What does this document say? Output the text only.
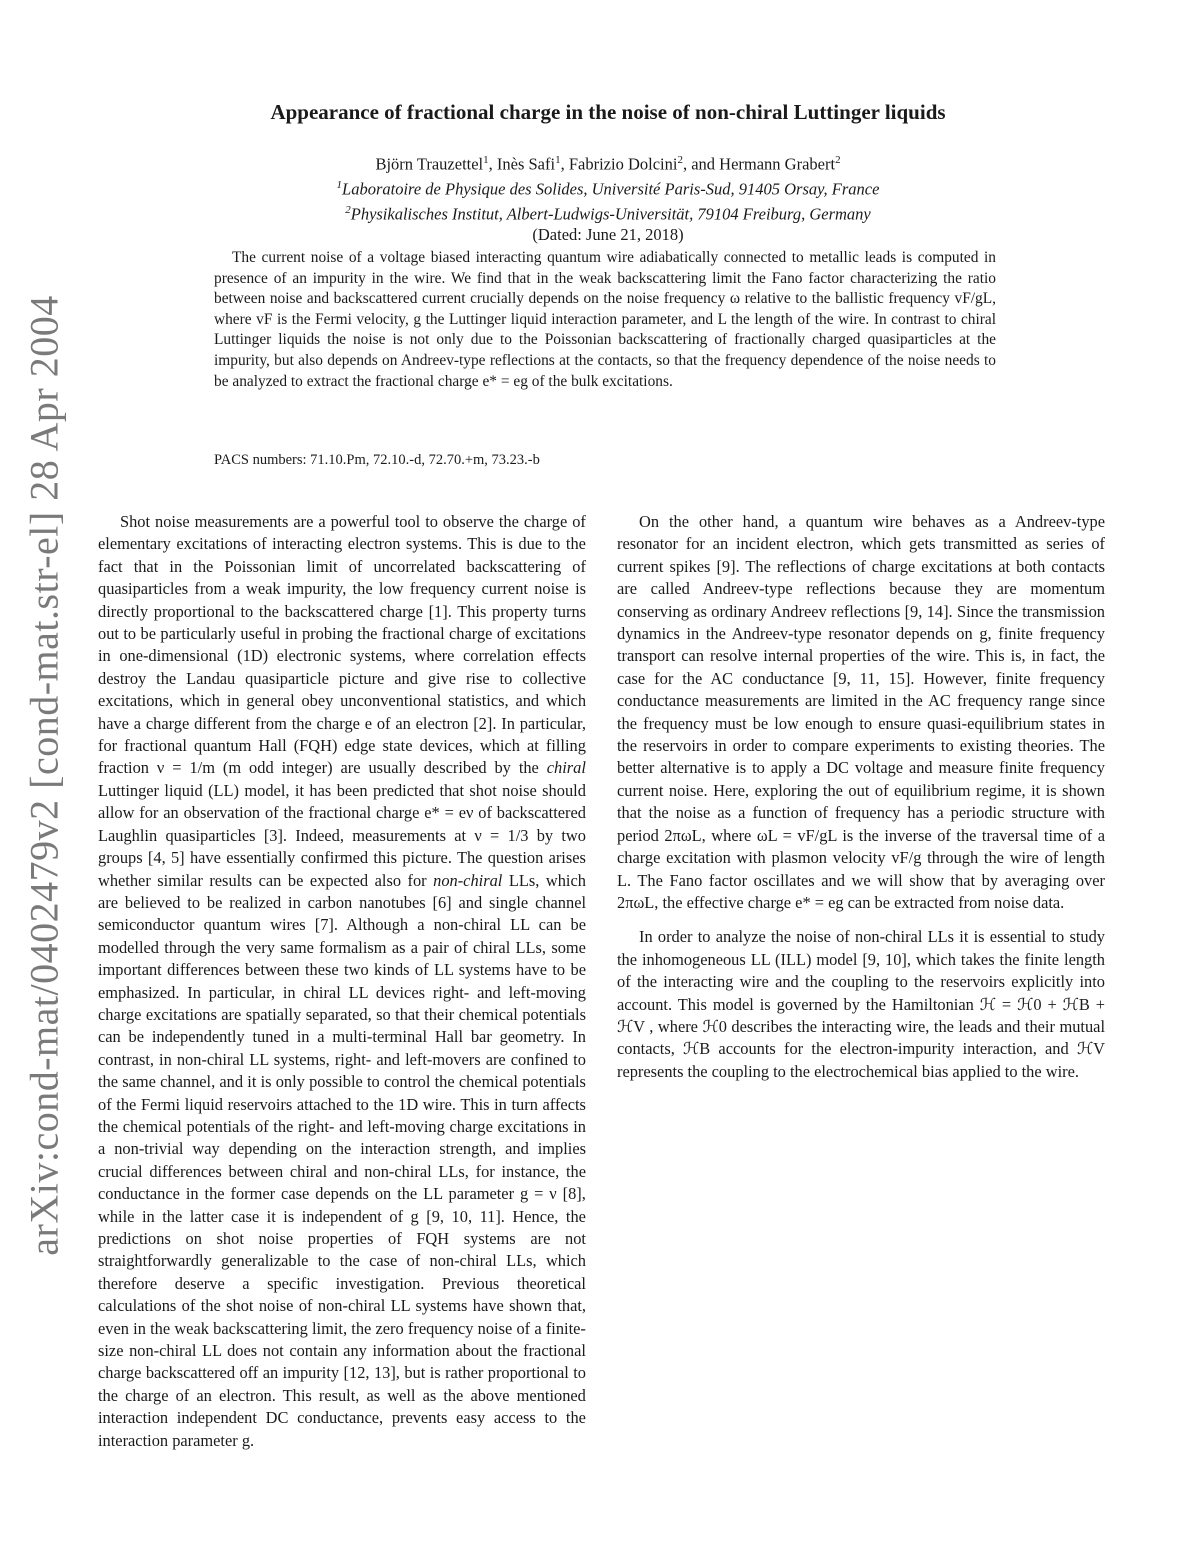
arXiv:cond-mat/0402479v2 [cond-mat.str-el] 28 Apr 2004
Appearance of fractional charge in the noise of non-chiral Luttinger liquids
Björn Trauzettel$^1$, Inès Safi$^1$, Fabrizio Dolcini$^2$, and Hermann Grabert$^2$
$^1$Laboratoire de Physique des Solides, Université Paris-Sud, 91405 Orsay, France
$^2$Physikalisches Institut, Albert-Ludwigs-Universität, 79104 Freiburg, Germany
(Dated: June 21, 2018)

The current noise of a voltage biased interacting quantum wire adiabatically connected to metallic leads is computed in presence of an impurity in the wire. We find that in the weak backscattering limit the Fano factor characterizing the ratio between noise and backscattered current crucially depends on the noise frequency ω relative to the ballistic frequency vF/gL, where vF is the Fermi velocity, g the Luttinger liquid interaction parameter, and L the length of the wire. In contrast to chiral Luttinger liquids the noise is not only due to the Poissonian backscattering of fractionally charged quasiparticles at the impurity, but also depends on Andreev-type reflections at the contacts, so that the frequency dependence of the noise needs to be analyzed to extract the fractional charge e* = eg of the bulk excitations.

PACS numbers: 71.10.Pm, 72.10.-d, 72.70.+m, 73.23.-b

Shot noise measurements are a powerful tool to observe the charge of elementary excitations of interacting electron systems. This is due to the fact that in the Poissonian limit of uncorrelated backscattering of quasiparticles from a weak impurity, the low frequency current noise is directly proportional to the backscattered charge [1]. This property turns out to be particularly useful in probing the fractional charge of excitations in one-dimensional (1D) electronic systems, where correlation effects destroy the Landau quasiparticle picture and give rise to collective excitations, which in general obey unconventional statistics, and which have a charge different from the charge e of an electron [2]. In particular, for fractional quantum Hall (FQH) edge state devices, which at filling fraction ν = 1/m (m odd integer) are usually described by the chiral Luttinger liquid (LL) model, it has been predicted that shot noise should allow for an observation of the fractional charge e* = eν of backscattered Laughlin quasiparticles [3]. Indeed, measurements at ν = 1/3 by two groups [4, 5] have essentially confirmed this picture. The question arises whether similar results can be expected also for non-chiral LLs, which are believed to be realized in carbon nanotubes [6] and single channel semiconductor quantum wires [7]. Although a non-chiral LL can be modelled through the very same formalism as a pair of chiral LLs, some important differences between these two kinds of LL systems have to be emphasized. In particular, in chiral LL devices right- and left-moving charge excitations are spatially separated, so that their chemical potentials can be independently tuned in a multi-terminal Hall bar geometry. In contrast, in non-chiral LL systems, right- and left-movers are confined to the same channel, and it is only possible to control the chemical potentials of the Fermi liquid reservoirs attached to the 1D wire. This in turn affects the chemical potentials of the right- and left-moving charge excitations in a non-trivial way depending on the interaction strength, and implies crucial differences between chiral and non-chiral LLs, for instance, the conductance in the former case depends on the LL parameter g = ν [8], while in the latter case it is independent of g [9, 10, 11]. Hence, the predictions on shot noise properties of FQH systems are not straightforwardly generalizable to the case of non-chiral LLs, which therefore deserve a specific investigation. Previous theoretical calculations of the shot noise of non-chiral LL systems have shown that, even in the weak backscattering limit, the zero frequency noise of a finite-size non-chiral LL does not contain any information about the fractional charge backscattered off an impurity [12, 13], but is rather proportional to the charge of an electron. This result, as well as the above mentioned interaction independent DC conductance, prevents easy access to the interaction parameter g.

On the other hand, a quantum wire behaves as a Andreev-type resonator for an incident electron, which gets transmitted as series of current spikes [9]. The reflections of charge excitations at both contacts are called Andreev-type reflections because they are momentum conserving as ordinary Andreev reflections [9, 14]. Since the transmission dynamics in the Andreev-type resonator depends on g, finite frequency transport can resolve internal properties of the wire. This is, in fact, the case for the AC conductance [9, 11, 15]. However, finite frequency conductance measurements are limited in the AC frequency range since the frequency must be low enough to ensure quasi-equilibrium states in the reservoirs in order to compare experiments to existing theories. The better alternative is to apply a DC voltage and measure finite frequency current noise. Here, exploring the out of equilibrium regime, it is shown that the noise as a function of frequency has a periodic structure with period 2πωL, where ωL = vF/gL is the inverse of the traversal time of a charge excitation with plasmon velocity vF/g through the wire of length L. The Fano factor oscillates and we will show that by averaging over 2πωL, the effective charge e* = eg can be extracted from noise data.

In order to analyze the noise of non-chiral LLs it is essential to study the inhomogeneous LL (ILL) model [9, 10], which takes the finite length of the interacting wire and the coupling to the reservoirs explicitly into account. This model is governed by the Hamiltonian ℋ = ℋ0 + ℋB + ℋV , where ℋ0 describes the interacting wire, the leads and their mutual contacts, ℋB accounts for the electron-impurity interaction, and ℋV represents the coupling to the electrochemical bias applied to the wire.
